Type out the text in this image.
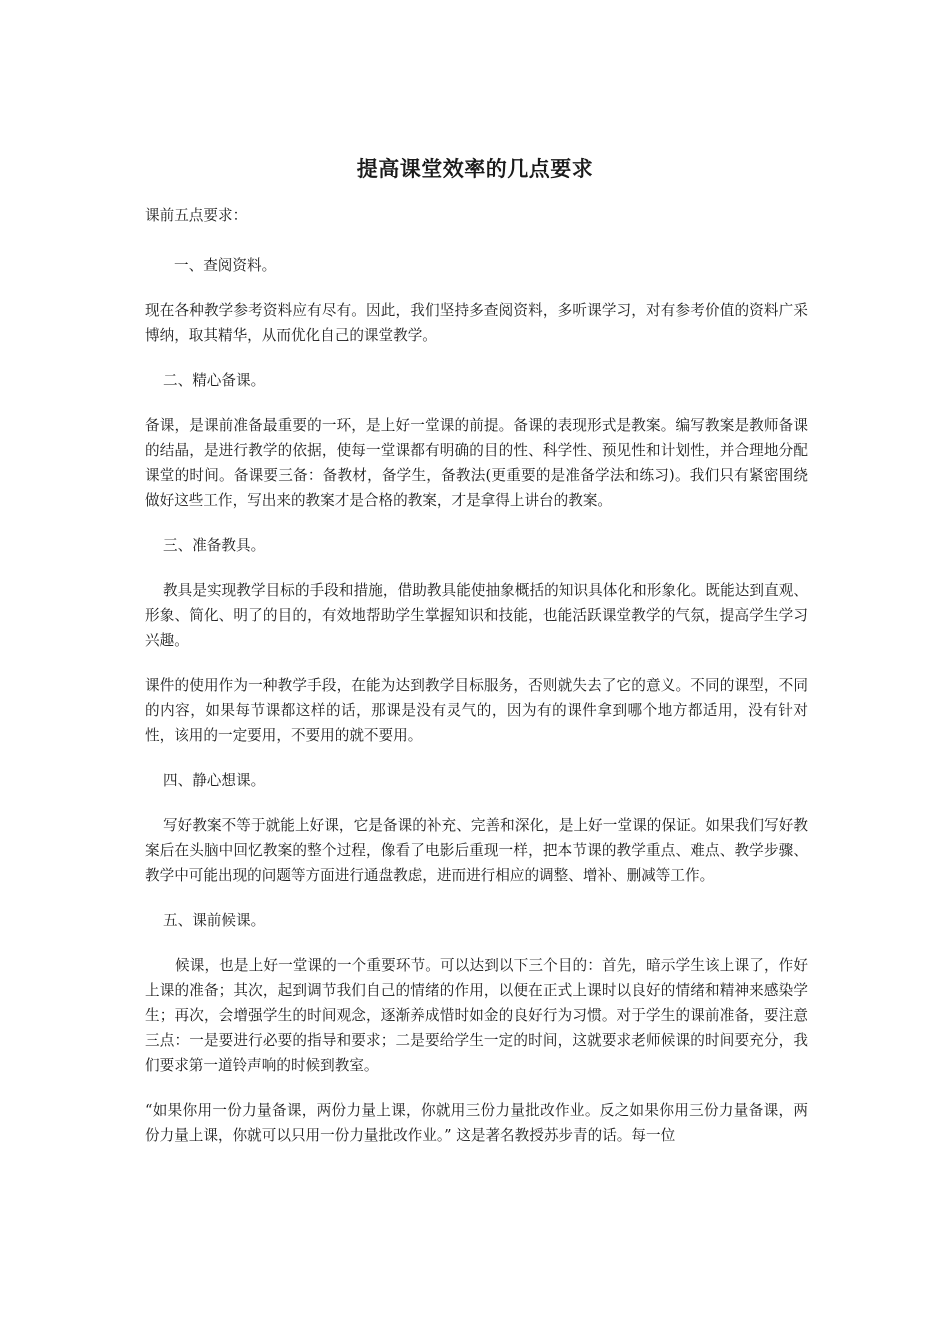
提高课堂效率的几点要求

课前五点要求：

一、查阅资料。

现在各种教学参考资料应有尽有。因此，我们坚持多查阅资料，多听课学习，对有参考价值的资料广采博纳，取其精华，从而优化自己的课堂教学。

二、精心备课。

备课，是课前准备最重要的一环，是上好一堂课的前提。备课的表现形式是教案。编写教案是教师备课的结晶，是进行教学的依据，使每一堂课都有明确的目的性、科学性、预见性和计划性，并合理地分配课堂的时间。备课要三备：备教材，备学生，备教法(更重要的是准备学法和练习)。我们只有紧密围绕做好这些工作，写出来的教案才是合格的教案，才是拿得上讲台的教案。

三、准备教具。

教具是实现教学目标的手段和措施，借助教具能使抽象概括的知识具体化和形象化。既能达到直观、形象、简化、明了的目的，有效地帮助学生掌握知识和技能，也能活跃课堂教学的气氛，提高学生学习兴趣。

课件的使用作为一种教学手段，在能为达到教学目标服务，否则就失去了它的意义。不同的课型，不同的内容，如果每节课都这样的话，那课是没有灵气的，因为有的课件拿到哪个地方都适用，没有针对性，该用的一定要用，不要用的就不要用。

四、静心想课。

写好教案不等于就能上好课，它是备课的补充、完善和深化，是上好一堂课的保证。如果我们写好教案后在头脑中回忆教案的整个过程，像看了电影后重现一样，把本节课的教学重点、难点、教学步骤、教学中可能出现的问题等方面进行通盘教虑，进而进行相应的调整、增补、删减等工作。

五、课前候课。

候课，也是上好一堂课的一个重要环节。可以达到以下三个目的：首先，暗示学生该上课了，作好上课的准备；其次，起到调节我们自己的情绪的作用，以便在正式上课时以良好的情绪和精神来感染学生；再次，会增强学生的时间观念，逐渐养成惜时如金的良好行为习惯。对于学生的课前准备，要注意三点：一是要进行必要的指导和要求；二是要给学生一定的时间，这就要求老师候课的时间要充分，我们要求第一道铃声响的时候到教室。

“如果你用一份力量备课，两份力量上课，你就用三份力量批改作业。反之如果你用三份力量备课，两份力量上课，你就可以只用一份力量批改作业。” 这是著名教授苏步青的话。每一位
